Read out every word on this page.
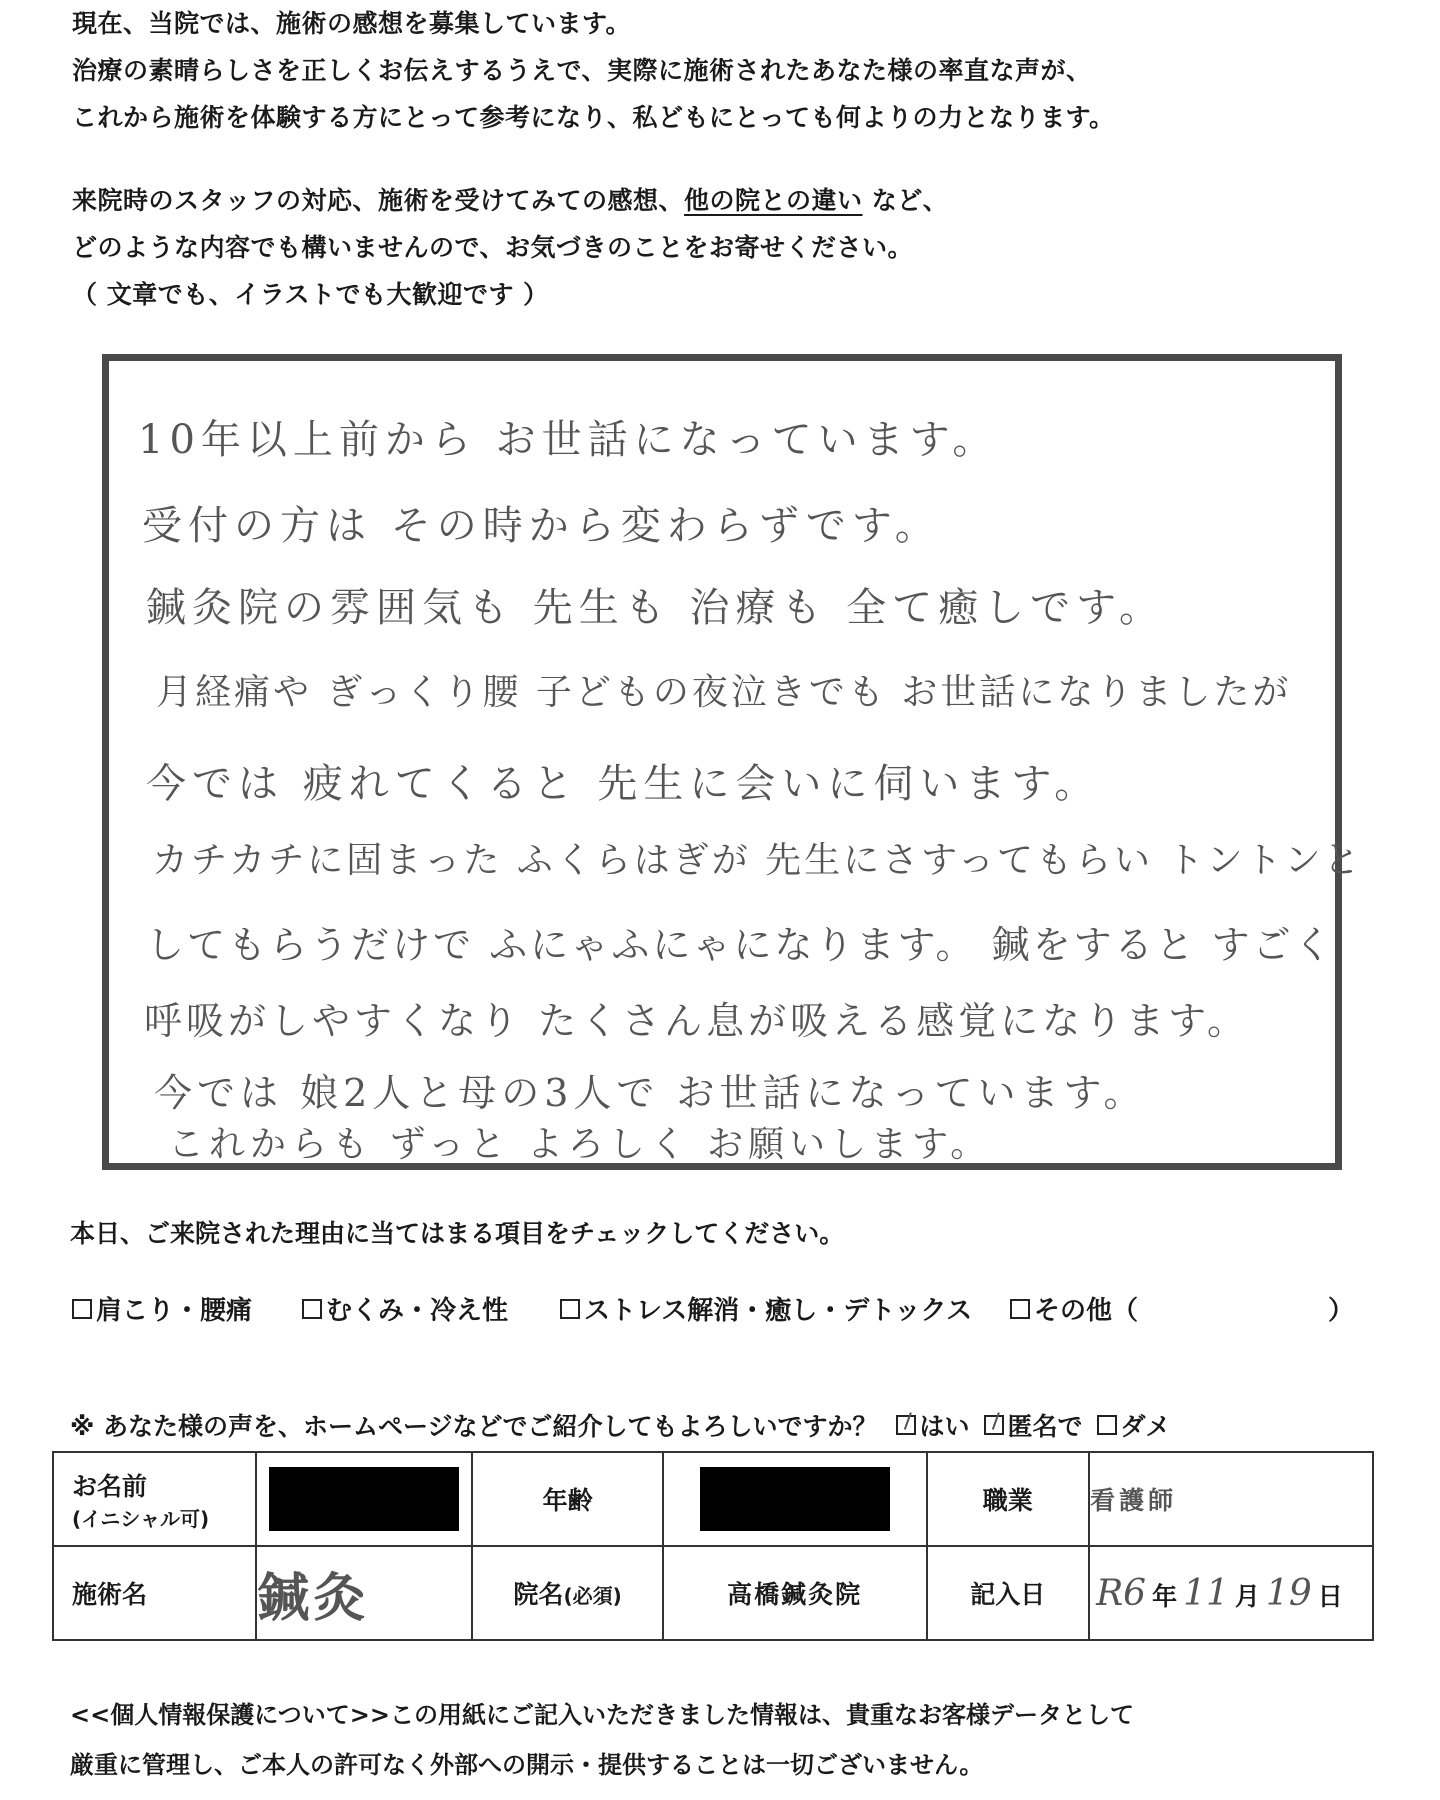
現在、当院では、施術の感想を募集しています。

治療の素晴らしさを正しくお伝えするうえで、実際に施術されたあなた様の率直な声が、

これから施術を体験する方にとって参考になり、私どもにとっても何よりの力となります。

来院時のスタッフの対応、施術を受けてみての感想、他の院との違い など、

どのような内容でも構いませんので、お気づきのことをお寄せください。

（ 文章でも、イラストでも大歓迎です ）

10年以上前から お世話になっています。
受付の方は その時から変わらずです。
鍼灸院の雰囲気も 先生も 治療も 全て癒しです。
月経痛や ぎっくり腰 子どもの夜泣きでも お世話になりましたが
今では 疲れてくると 先生に会いに伺います。
カチカチに固まった ふくらはぎが 先生にさすってもらい トントンと
してもらうだけで ふにゃふにゃになります。 鍼をすると すごく
呼吸がしやすくなり たくさん息が吸える感覚になります。
今では 娘2人と母の3人で お世話になっています。
これからも ずっと よろしく お願いします。
本日、ご来院された理由に当てはまる項目をチェックしてください。
肩こり・腰痛	むくみ・冷え性	ストレス解消・癒し・デトックス その他（	）
※ あなた様の声を、ホームページなどでご紹介してもよろしいですか？ はい 匿名で ダメ
お名前
(イニシャル可)		年齢		職業	看護師
施術名	鍼灸	院名(必須)	高橋鍼灸院	記入日	R6 年 11 月 19 日

<<個人情報保護について>>この用紙にご記入いただきました情報は、貴重なお客様データとして

厳重に管理し、ご本人の許可なく外部への開示・提供することは一切ございません。
